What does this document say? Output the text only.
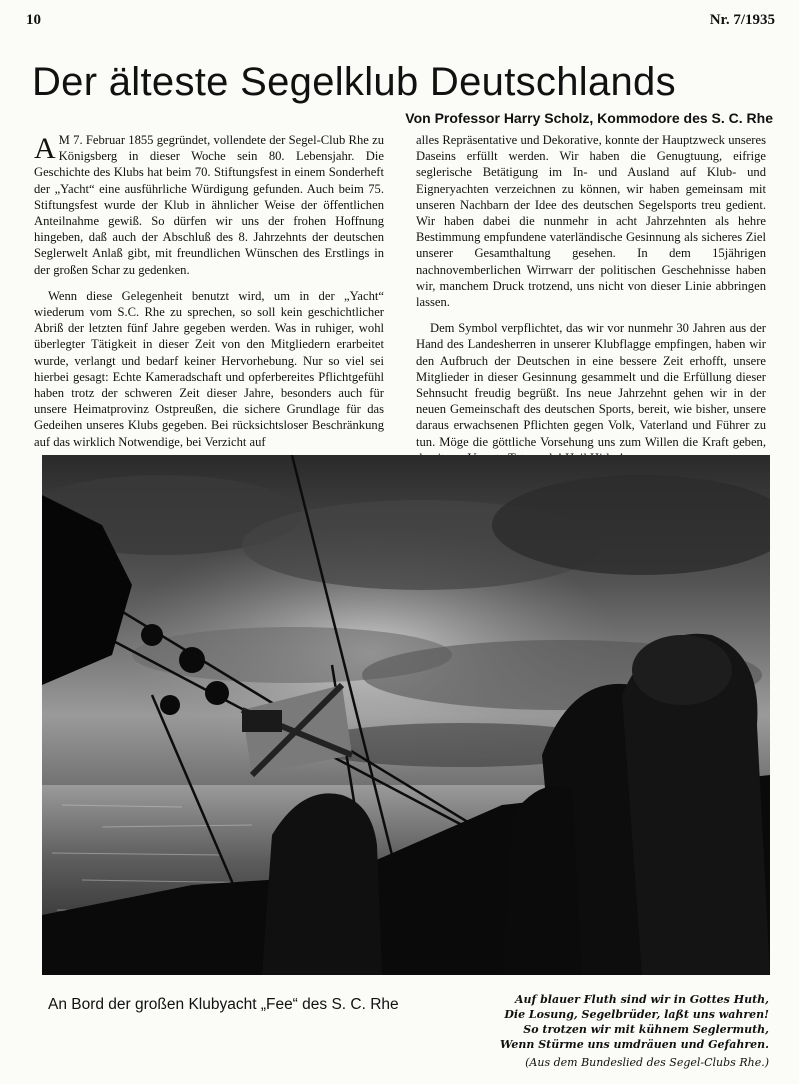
10	Nr. 7/1935
Der älteste Segelklub Deutschlands
Von Professor Harry Scholz, Kommodore des S. C. Rhe

A M 7. Februar 1855 gegründet, vollendete der Segel-Club Rhe zu Königsberg in dieser Woche sein 80. Lebensjahr. Die Geschichte des Klubs hat beim 70. Stiftungsfest in einem Sonderheft der „Yacht“ eine ausführliche Würdigung gefunden. Auch beim 75. Stiftungsfest wurde der Klub in ähnlicher Weise der öffentlichen Anteilnahme gewiß. So dürfen wir uns der frohen Hoffnung hingeben, daß auch der Abschluß des 8. Jahrzehnts der deutschen Seglerwelt Anlaß gibt, mit freundlichen Wünschen des Erstlings in der großen Schar zu gedenken.

Wenn diese Gelegenheit benutzt wird, um in der „Yacht“ wiederum vom S.C. Rhe zu sprechen, so soll kein geschichtlicher Abriß der letzten fünf Jahre gegeben werden. Was in ruhiger, wohl überlegter Tätigkeit in dieser Zeit von den Mitgliedern erarbeitet wurde, verlangt und bedarf keiner Hervorhebung. Nur so viel sei hierbei gesagt: Echte Kameradschaft und opferbereites Pflichtgefühl haben trotz der schweren Zeit dieser Jahre, besonders auch für unsere Heimatprovinz Ostpreußen, die sichere Grundlage für das Gedeihen unseres Klubs gegeben. Bei rücksichtsloser Beschränkung auf das wirklich Notwendige, bei Verzicht auf

alles Repräsentative und Dekorative, konnte der Hauptzweck unseres Daseins erfüllt werden. Wir haben die Genugtuung, eifrige seglerische Betätigung im In- und Ausland auf Klub- und Eigneryachten verzeichnen zu können, wir haben gemeinsam mit unseren Nachbarn der Idee des deutschen Segelsports treu gedient. Wir haben dabei die nunmehr in acht Jahrzehnten als hehre Bestimmung empfundene vaterländische Gesinnung als sicheres Ziel unserer Gesamthaltung gesehen. In dem 15jährigen nachnovemberlichen Wirrwarr der politischen Geschehnisse haben wir, manchem Druck trotzend, uns nicht von dieser Linie abbringen lassen.

Dem Symbol verpflichtet, das wir vor nunmehr 30 Jahren aus der Hand des Landesherren in unserer Klubflagge empfingen, haben wir den Aufbruch der Deutschen in eine bessere Zeit erhofft, unsere Mitglieder in dieser Gesinnung gesammelt und die Erfüllung dieser Sehnsucht freudig begrüßt. Ins neue Jahrzehnt gehen wir in der neuen Gemeinschaft des deutschen Sports, bereit, wie bisher, unsere daraus erwachsenen Pflichten gegen Volk, Vaterland und Führer zu tun. Möge die göttliche Vorsehung uns zum Willen die Kraft geben,

An Bord der großen Klubyacht „Fee“ des S. C. Rhe	Auf blauer Fluth sind wir in Gottes Huth,
Die Losung, Segelbrüder, laßt uns wahren!
So trotzen wir mit kühnem Seglermuth,
Wenn Stürme uns umdräuen und Gefahren.
(Aus dem Bundeslied des Segel-Clubs Rhe.)
